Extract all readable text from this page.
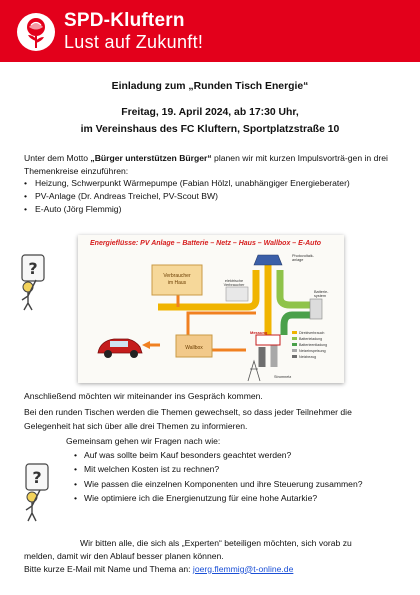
SPD-Kluftern
Lust auf Zukunft!
Einladung zum „Runden Tisch Energie“
Freitag, 19. April 2024, ab 17:30 Uhr,
im Vereinshaus des FC Kluftern, Sportplatzstraße 10
Unter dem Motto „Bürger unterstützen Bürger“ planen wir mit kurzen Impulsvorträ-gen in drei Themenkreise einzuführen:
• Heizung, Schwerpunkt Wärmepumpe (Fabian Hölzl, unabhängiger Energieberater)
• PV-Anlage (Dr. Andreas Treichel, PV-Scout BW)
• E-Auto (Jörg Flemmig)
?
Energieflüsse: PV Anlage – Batterie – Netz – Haus – Wallbox – E-Auto
Verbraucher
im Haus
Wallbox
elektrische
Verbraucher
Photovoltaik-
anlage
Batterie-
system
Messung
Stromnetz
Direktverbrauch
Batterieladung
Batterieentladung
Netzeinspeisung
Netzbezug
Anschließend möchten wir miteinander ins Gespräch kommen.
Bei den runden Tischen werden die Themen gewechselt, so dass jeder Teilnehmer die
Gelegenheit hat sich über alle drei Themen zu informieren.
Gemeinsam gehen wir Fragen nach wie:
• Auf was sollte beim Kauf besonders geachtet werden?
• Mit welchen Kosten ist zu rechnen?
• Wie passen die einzelnen Komponenten und ihre Steuerung zusammen?
• Wie optimiere ich die Energienutzung für eine hohe Autarkie?
?
Wir bitten alle, die sich als „Experten“ beteiligen möchten, sich vorab zu
melden, damit wir den Ablauf besser planen können.
Bitte kurze E-Mail mit Name und Thema an: joerg.flemmig@t-online.de
